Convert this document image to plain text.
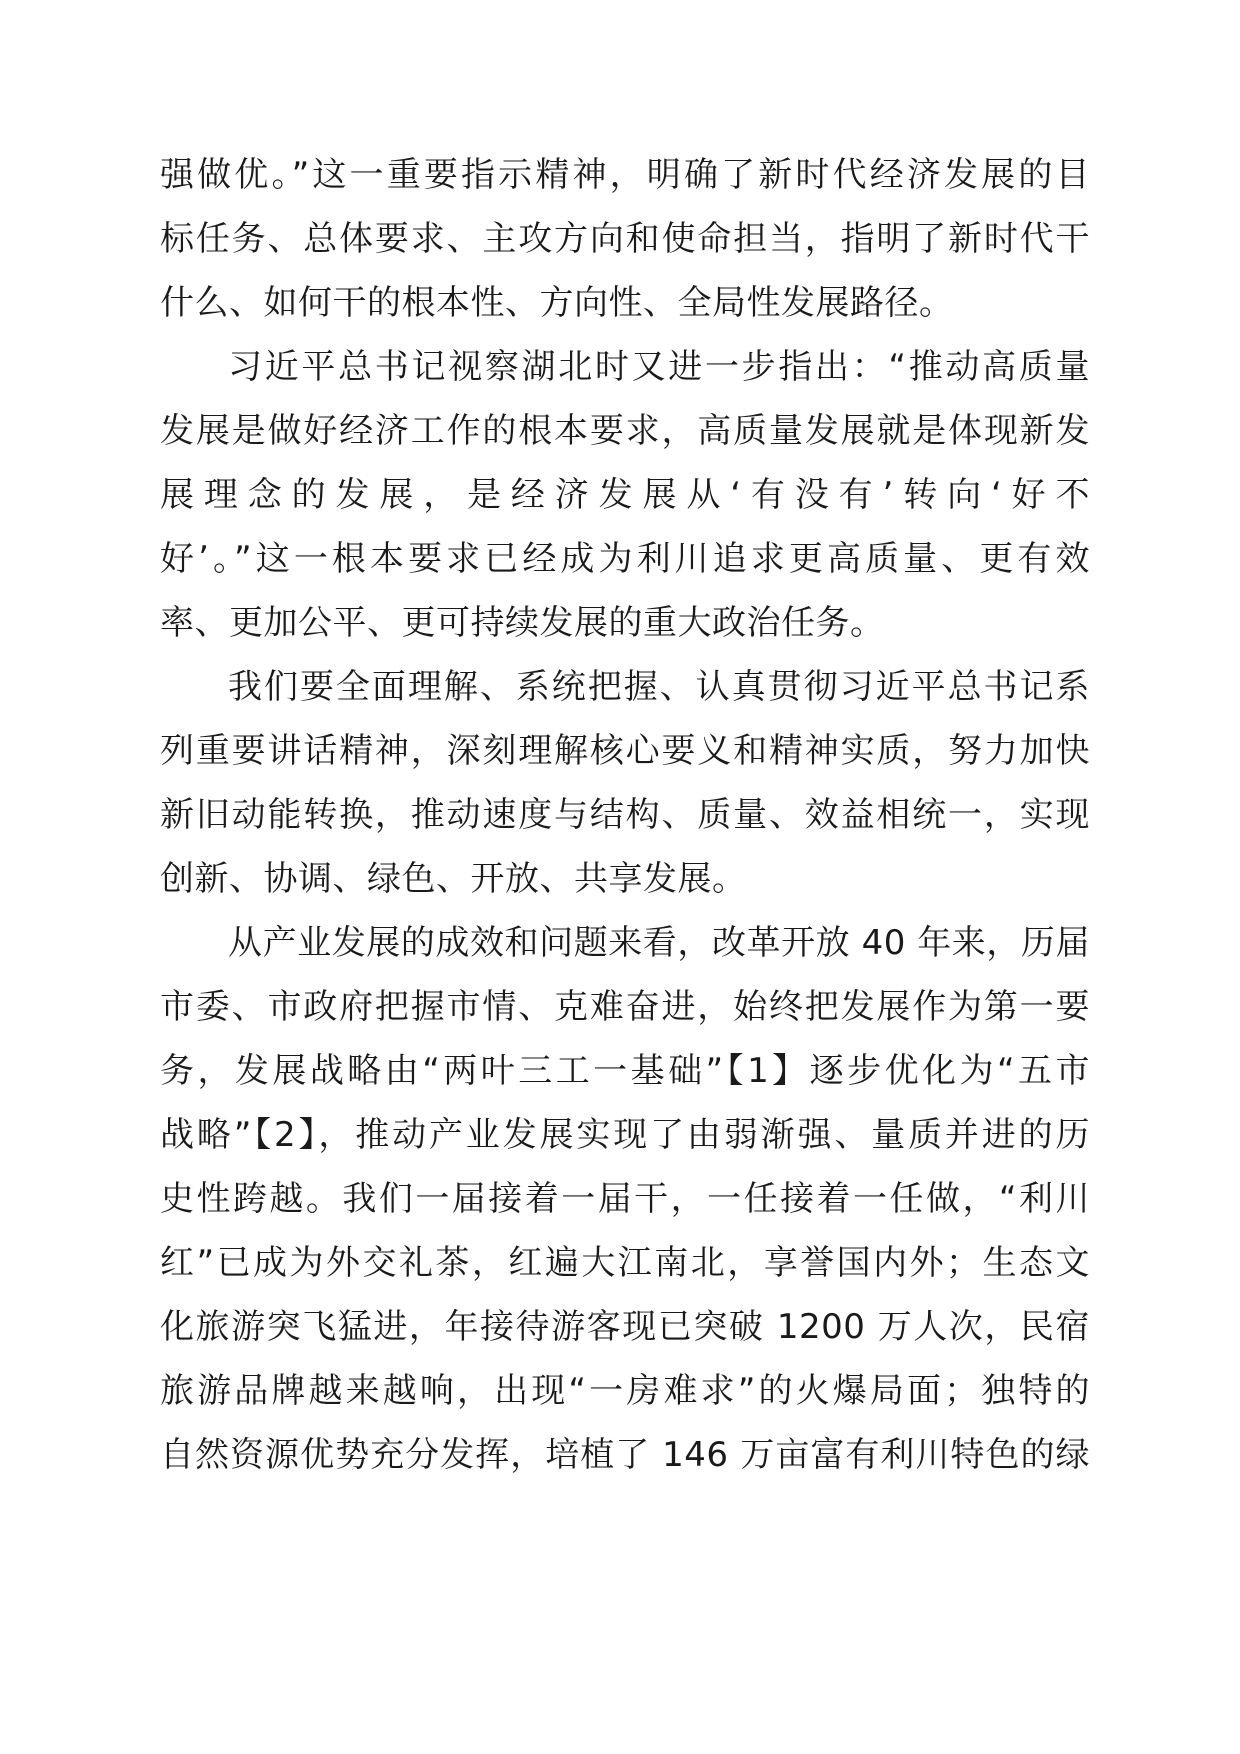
强做优。”这一重要指示精神，明确了新时代经济发展的目
标任务、总体要求、主攻方向和使命担当，指明了新时代干
什么、如何干的根本性、方向性、全局性发展路径。
习近平总书记视察湖北时又进一步指出：“推动高质量
发展是做好经济工作的根本要求，高质量发展就是体现新发
展理念的发展，是经济发展从‘有没有’转向‘好不
好’。”这一根本要求已经成为利川追求更高质量、更有效
率、更加公平、更可持续发展的重大政治任务。
我们要全面理解、系统把握、认真贯彻习近平总书记系
列重要讲话精神，深刻理解核心要义和精神实质，努力加快
新旧动能转换，推动速度与结构、质量、效益相统一，实现
创新、协调、绿色、开放、共享发展。
从产业发展的成效和问题来看，改革开放 40 年来，历届
市委、市政府把握市情、克难奋进，始终把发展作为第一要
务，发展战略由“两叶三工一基础”【1】逐步优化为“五市
战略”【2】，推动产业发展实现了由弱渐强、量质并进的历
史性跨越。我们一届接着一届干，一任接着一任做，“利川
红”已成为外交礼茶，红遍大江南北，享誉国内外；生态文
化旅游突飞猛进，年接待游客现已突破 1200 万人次，民宿
旅游品牌越来越响，出现“一房难求”的火爆局面；独特的
自然资源优势充分发挥，培植了 146 万亩富有利川特色的绿
